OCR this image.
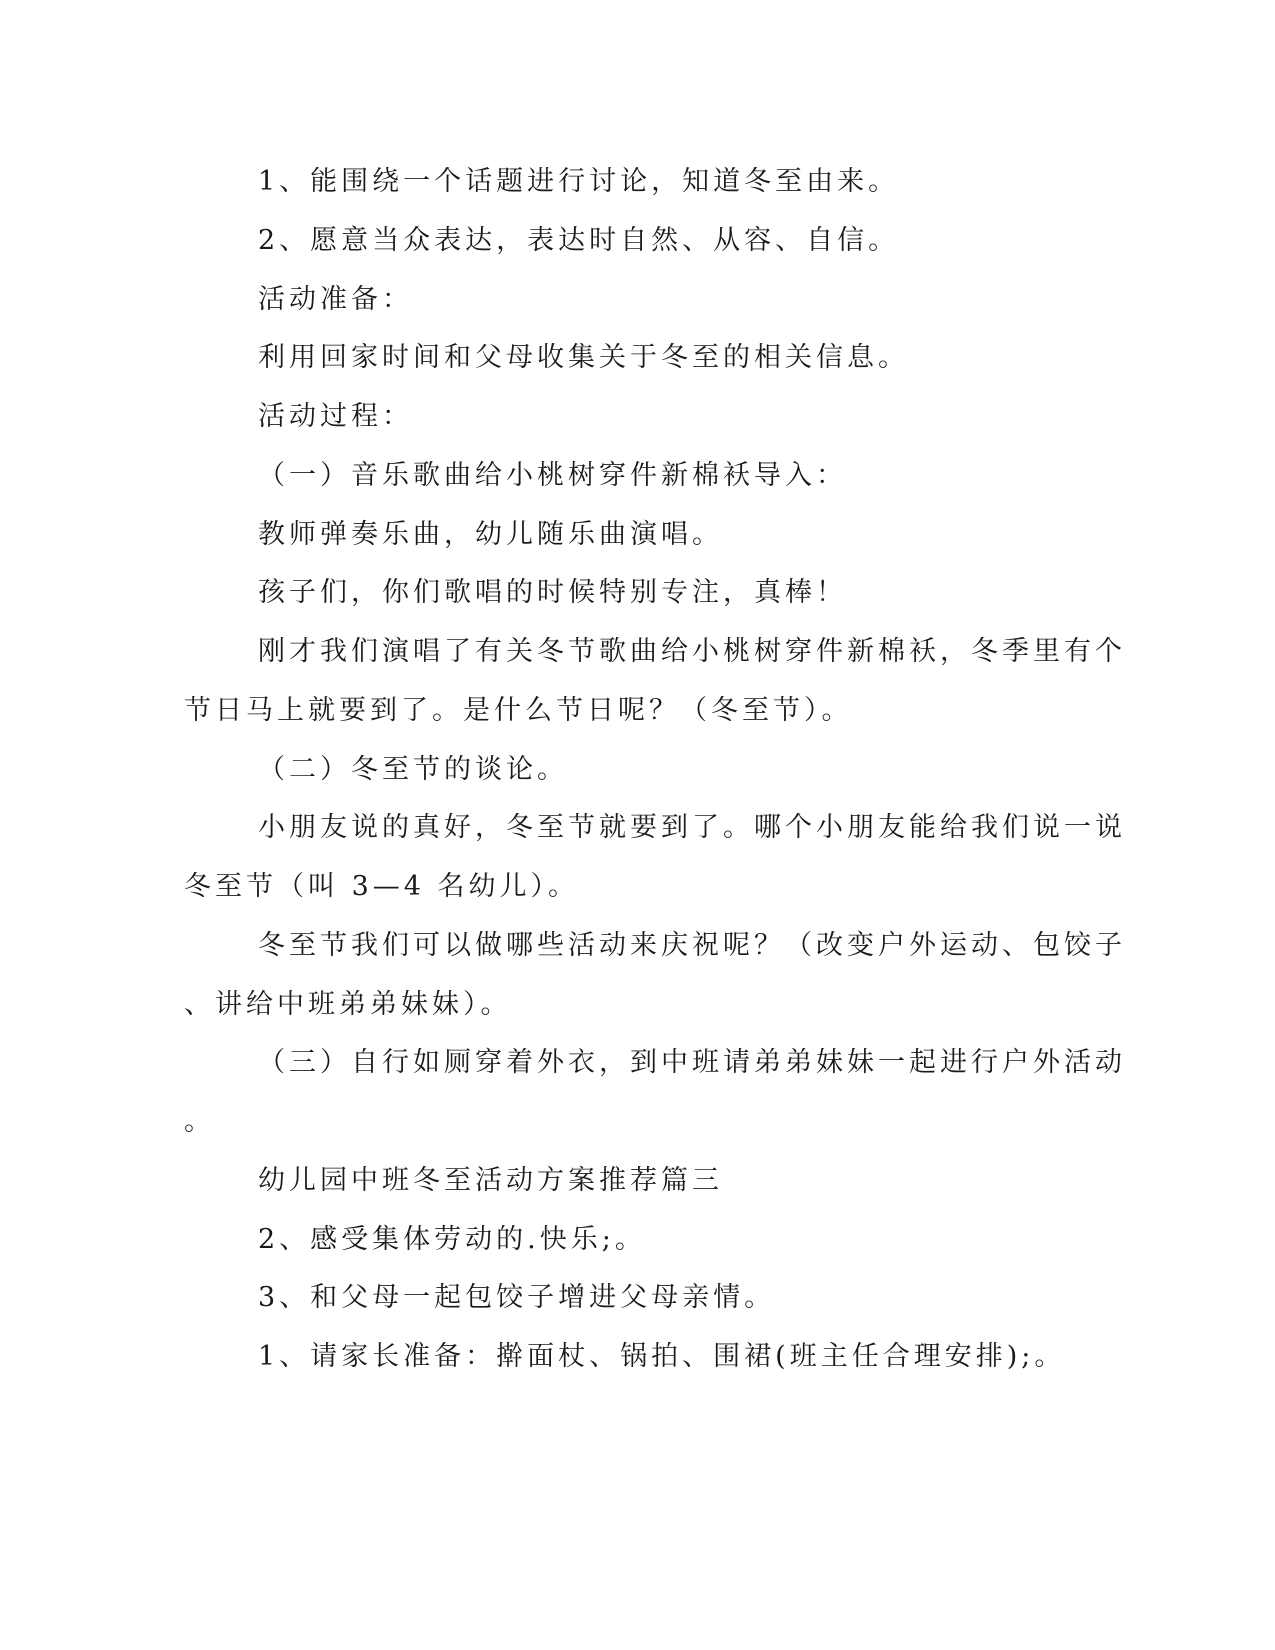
1、能围绕一个话题进行讨论，知道冬至由来。
2、愿意当众表达，表达时自然、从容、自信。
活动准备：
利用回家时间和父母收集关于冬至的相关信息。
活动过程：
（一）音乐歌曲给小桃树穿件新棉袄导入：
教师弹奏乐曲，幼儿随乐曲演唱。
孩子们，你们歌唱的时候特别专注，真棒！
刚才我们演唱了有关冬节歌曲给小桃树穿件新棉袄，冬季里有个
节日马上就要到了。是什么节日呢？（冬至节）。
（二）冬至节的谈论。
小朋友说的真好，冬至节就要到了。哪个小朋友能给我们说一说
冬至节（叫 3—4 名幼儿）。
冬至节我们可以做哪些活动来庆祝呢？（改变户外运动、包饺子
、讲给中班弟弟妹妹）。
（三）自行如厕穿着外衣，到中班请弟弟妹妹一起进行户外活动
。
幼儿园中班冬至活动方案推荐篇三
2、感受集体劳动的.快乐;。
3、和父母一起包饺子增进父母亲情。
1、请家长准备：擀面杖、锅拍、围裙(班主任合理安排);。
